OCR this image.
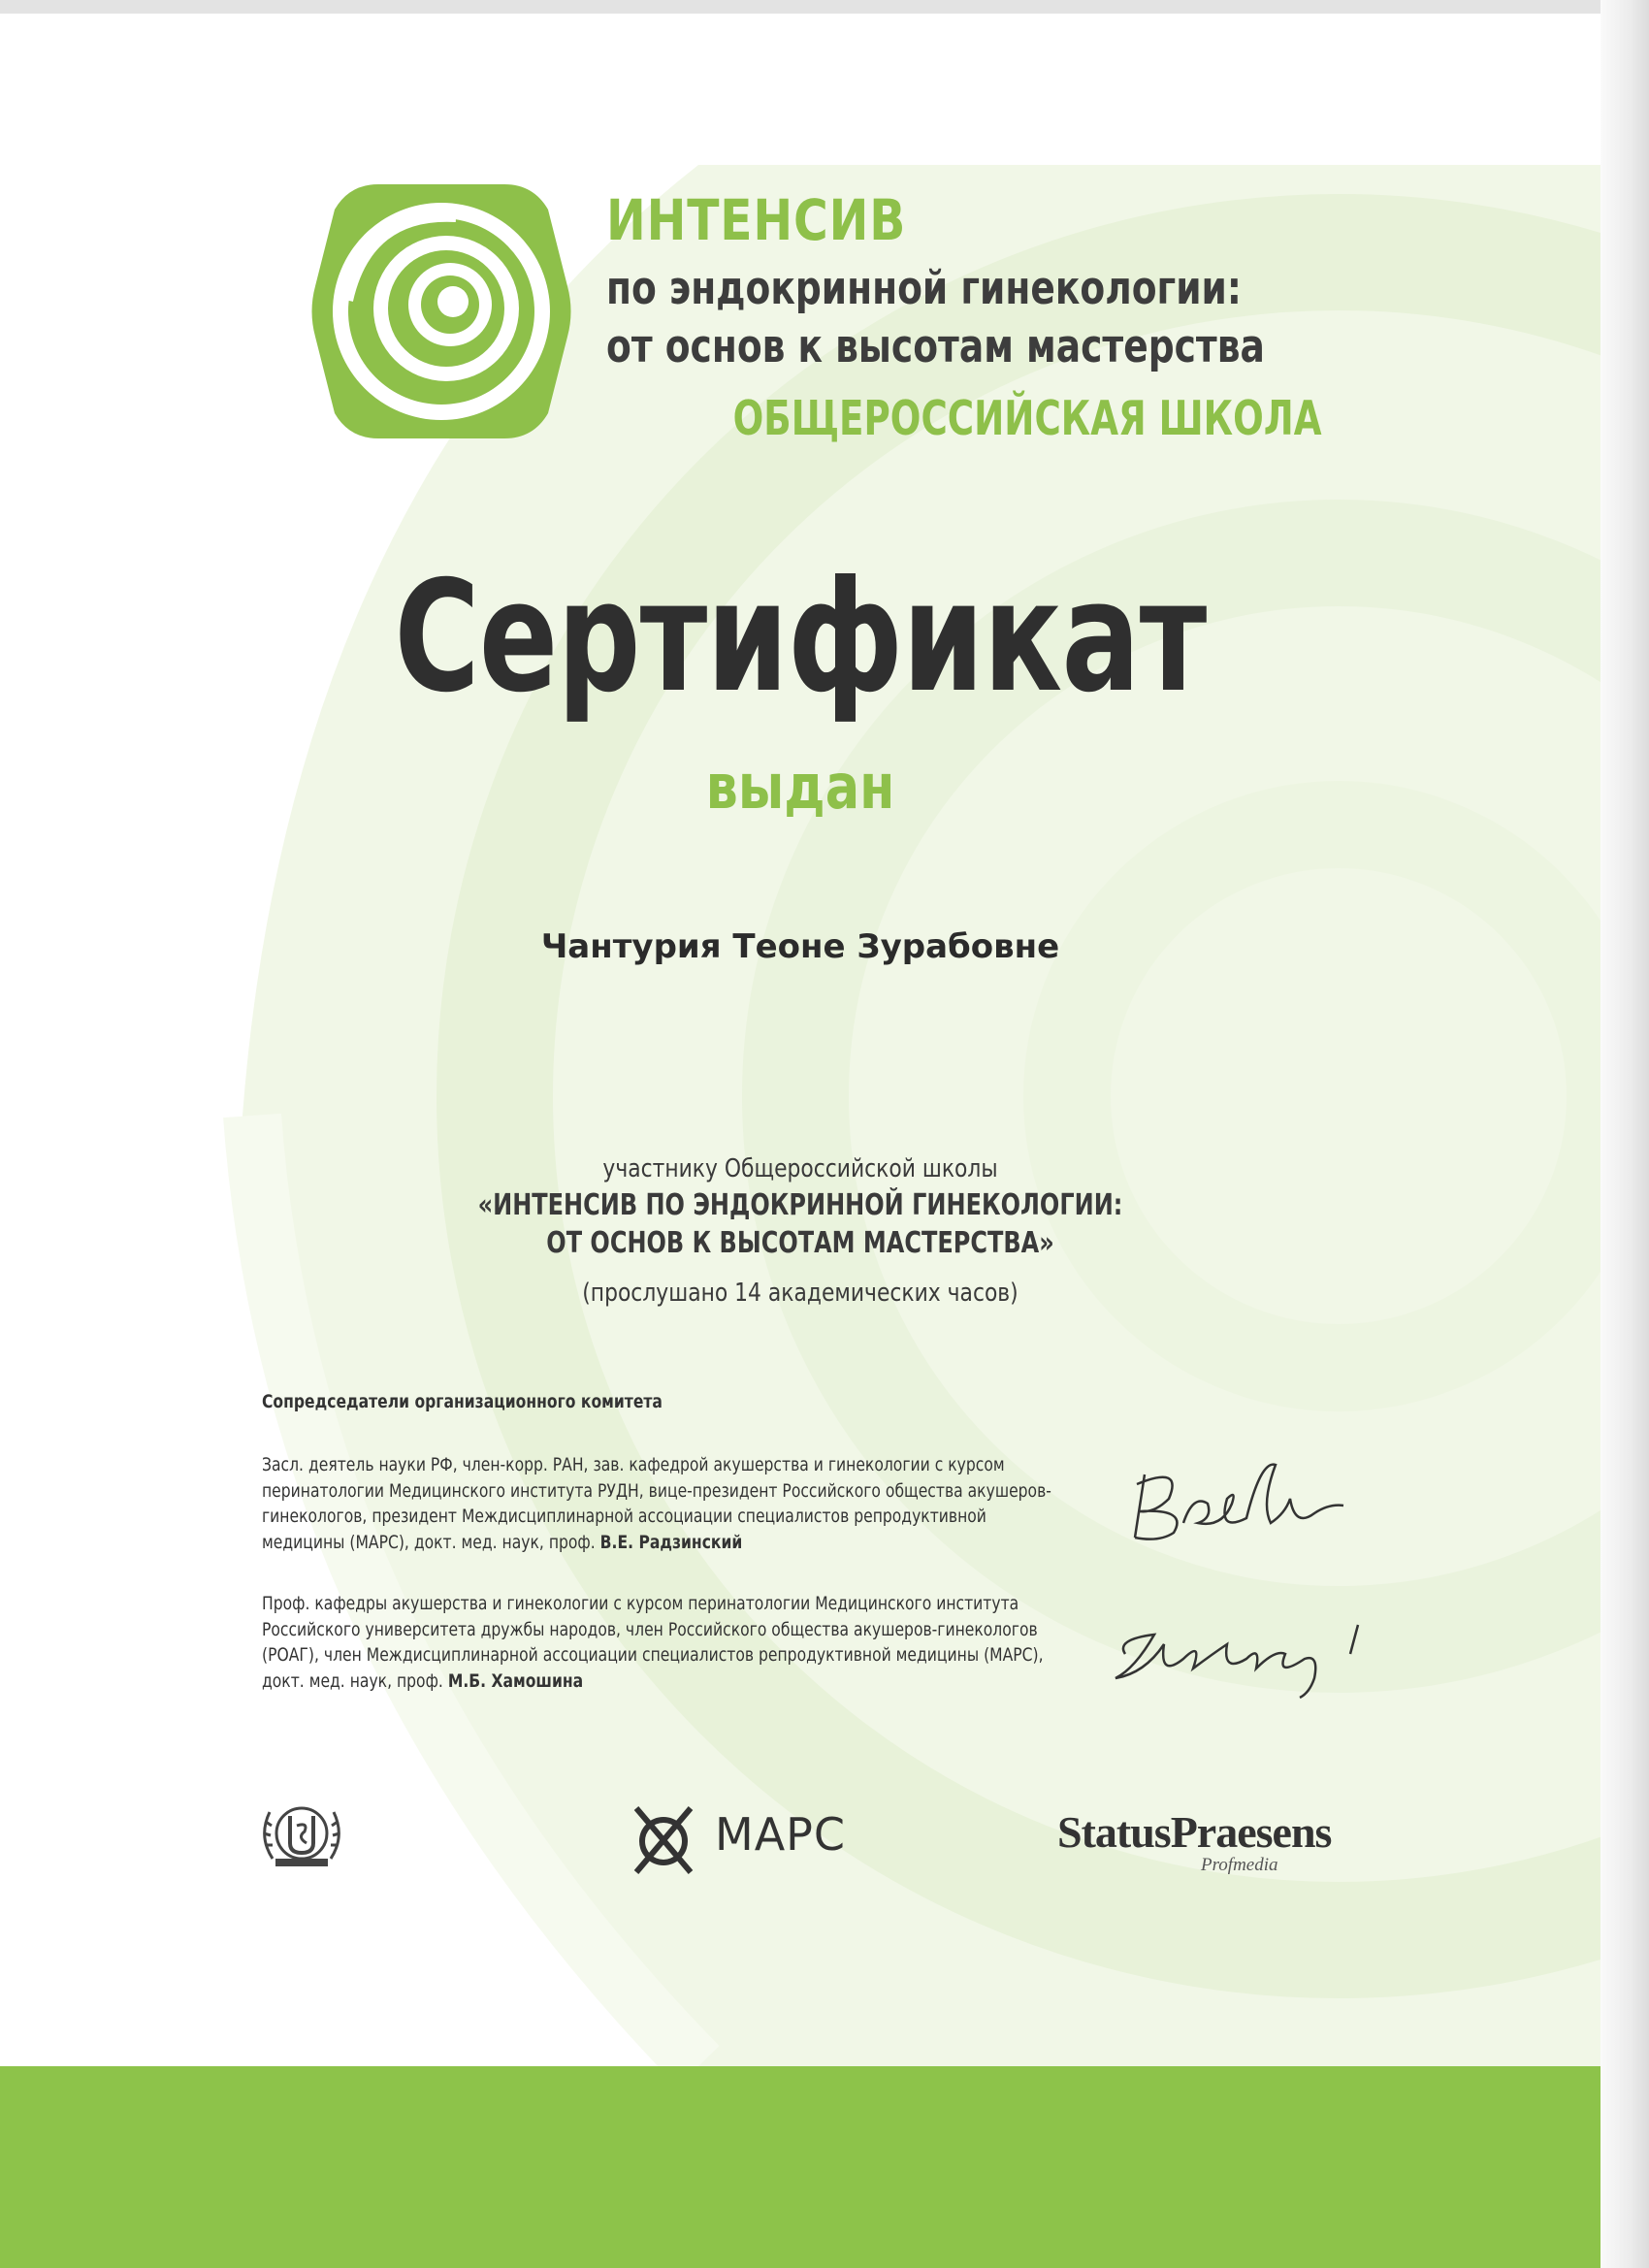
ИНТЕНСИВ
по эндокринной гинекологии:
от основ к высотам мастерства
ОБЩЕРОССИЙСКАЯ ШКОЛА
Сертификат
выдан
Чантурия Теоне Зурабовне
участнику Общероссийской школы
«ИНТЕНСИВ ПО ЭНДОКРИННОЙ ГИНЕКОЛОГИИ:
ОТ ОСНОВ К ВЫСОТАМ МАСТЕРСТВА»
(прослушано 14 академических часов)
Сопредседатели организационного комитета
Засл. деятель науки РФ, член-корр. РАН, зав. кафедрой акушерства и гинекологии с курсом
перинатологии Медицинского института РУДН, вице-президент Российского общества акушеров-
гинекологов, президент Междисциплинарной ассоциации специалистов репродуктивной
медицины (МАРС), докт. мед. наук, проф. В.Е. Радзинский
Проф. кафедры акушерства и гинекологии с курсом перинатологии Медицинского института
Российского университета дружбы народов, член Российского общества акушеров-гинекологов
(РОАГ), член Междисциплинарной ассоциации специалистов репродуктивной медицины (МАРС),
докт. мед. наук, проф. М.Б. Хамошина
МАРС	StatusPraesens
Profmedia
